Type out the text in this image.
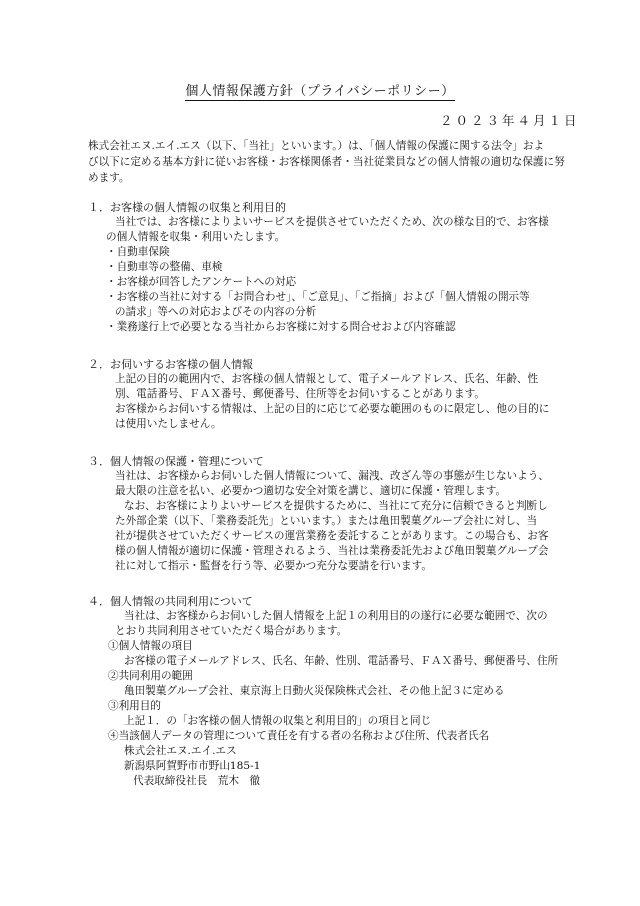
個人情報保護方針（プライバシーポリシー）
２０２３年４月１日
株式会社エヌ.エイ.エス（以下、「当社」といいます。）は、「個人情報の保護に関する法令」およ
び以下に定める基本方針に従いお客様・お客様関係者・当社従業員などの個人情報の適切な保護に努
めます。
１．お客様の個人情報の収集と利用目的
当社では、お客様によりよいサービスを提供させていただくため、次の様な目的で、お客様
の個人情報を収集・利用いたします。
・自動車保険
・自動車等の整備、車検
・お客様が回答したアンケートへの対応
・お客様の当社に対する「お問合わせ」、「ご意見」、「ご指摘」および「個人情報の開示等
の請求」等への対応およびその内容の分析
・業務遂行上で必要となる当社からお客様に対する問合せおよび内容確認
２．お伺いするお客様の個人情報
上記の目的の範囲内で、お客様の個人情報として、電子メールアドレス、氏名、年齢、性
別、電話番号、ＦＡＸ番号、郵便番号、住所等をお伺いすることがあります。
お客様からお伺いする情報は、上記の目的に応じて必要な範囲のものに限定し、他の目的に
は使用いたしません。
３．個人情報の保護・管理について
当社は、お客様からお伺いした個人情報について、漏洩、改ざん等の事態が生じないよう、
最大限の注意を払い、必要かつ適切な安全対策を講じ、適切に保護・管理します。
なお、お客様によりよいサービスを提供するために、当社にて充分に信頼できると判断し
た外部企業（以下、「業務委託先」といいます。）または亀田製菓グループ会社に対し、当
社が提供させていただくサービスの運営業務を委託することがあります。この場合も、お客
様の個人情報が適切に保護・管理されるよう、当社は業務委託先および亀田製菓グループ会
社に対して指示・監督を行う等、必要かつ充分な要請を行います。
４．個人情報の共同利用について
当社は、お客様からお伺いした個人情報を上記１の利用目的の遂行に必要な範囲で、次の
とおり共同利用させていただく場合があります。
①個人情報の項目
お客様の電子メールアドレス、氏名、年齢、性別、電話番号、ＦＡＸ番号、郵便番号、住所
②共同利用の範囲
亀田製菓グループ会社、東京海上日動火災保険株式会社、その他上記３に定める
③利用目的
上記１．の「お客様の個人情報の収集と利用目的」の項目と同じ
④当該個人データの管理について責任を有する者の名称および住所、代表者氏名
株式会社エヌ.エイ.エス
新潟県阿賀野市市野山185-1
代表取締役社長　荒木　徹
